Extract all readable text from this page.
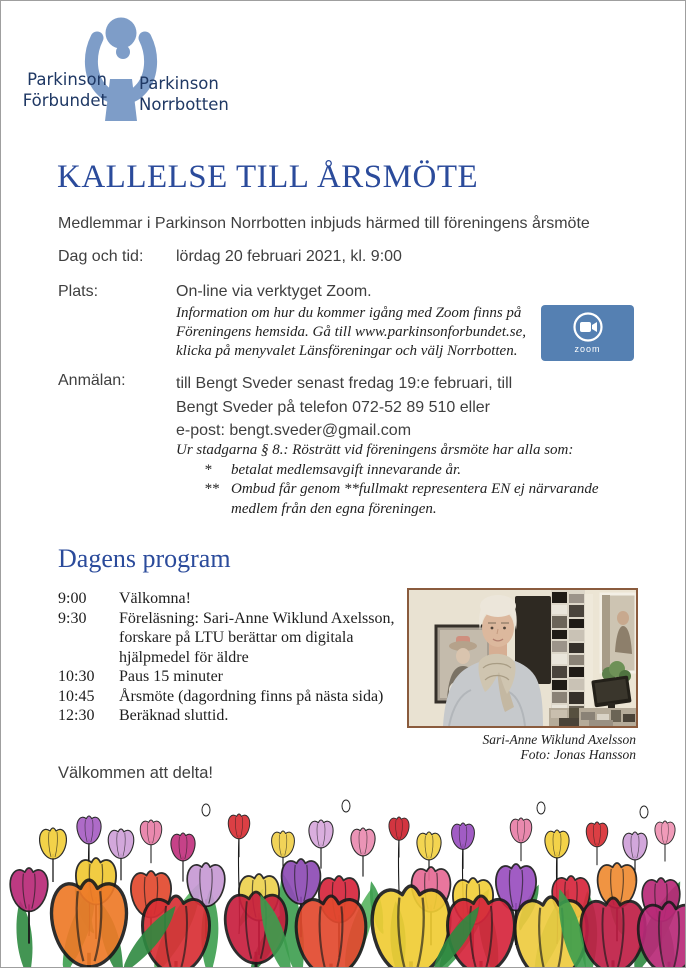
Parkinson
Förbundet
Parkinson
Norrbotten
KALLELSE TILL ÅRSMÖTE
Medlemmar i Parkinson Norrbotten inbjuds härmed till föreningens årsmöte
Dag och tid: lördag 20 februari 2021, kl. 9:00
Plats:	On-line via verktyget Zoom.
Information om hur du kommer igång med Zoom finns på
Föreningens hemsida. Gå till www.parkinsonforbundet.se,
klicka på menyvalet Länsföreningar och välj Norrbotten.	zoom
Anmälan:	till Bengt Sveder senast fredag 19:e februari, till
Bengt Sveder på telefon 072-52 89 510 eller
e-post: bengt.sveder@gmail.com
Ur stadgarna § 8.: Rösträtt vid föreningens årsmöte har alla som:
*	betalat medlemsavgift innevarande år.
** Ombud får genom **fullmakt representera EN ej närvarande medlem från den egna föreningen.
Dagens program
9:00	Välkomna!
9:30	Föreläsning: Sari-Anne Wiklund Axelsson, forskare på LTU berättar om digitala hjälpmedel för äldre
10:30	Paus 15 minuter
10:45	Årsmöte (dagordning finns på nästa sida)
12:30	Beräknad sluttid.
Sari-Anne Wiklund Axelsson
Foto: Jonas Hansson
Välkommen att delta!
